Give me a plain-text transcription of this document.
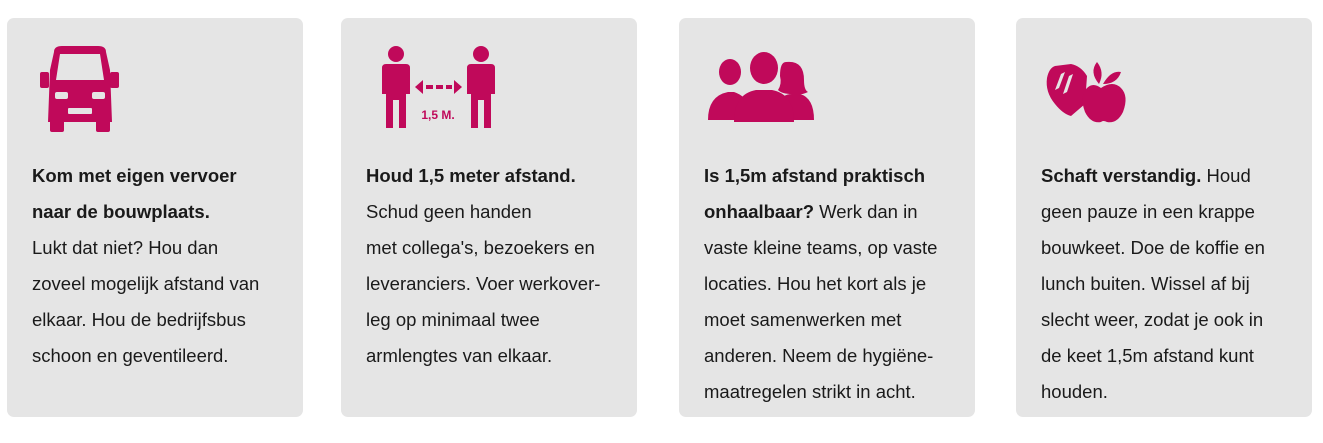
Kom met eigen vervoer
naar de bouwplaats.
Lukt dat niet? Hou dan
zoveel mogelijk afstand van
elkaar. Hou de bedrijfsbus
schoon en geventileerd.
1,5 M.
Houd 1,5 meter afstand.
Schud geen handen
met collega's, bezoekers en
leveranciers. Voer werkover-
leg op minimaal twee
armlengtes van elkaar.
Is 1,5m afstand praktisch
onhaalbaar? Werk dan in
vaste kleine teams, op vaste
locaties. Hou het kort als je
moet samenwerken met
anderen. Neem de hygiëne-
maatregelen strikt in acht.
Schaft verstandig. Houd
geen pauze in een krappe
bouwkeet. Doe de koffie en
lunch buiten. Wissel af bij
slecht weer, zodat je ook in
de keet 1,5m afstand kunt
houden.
